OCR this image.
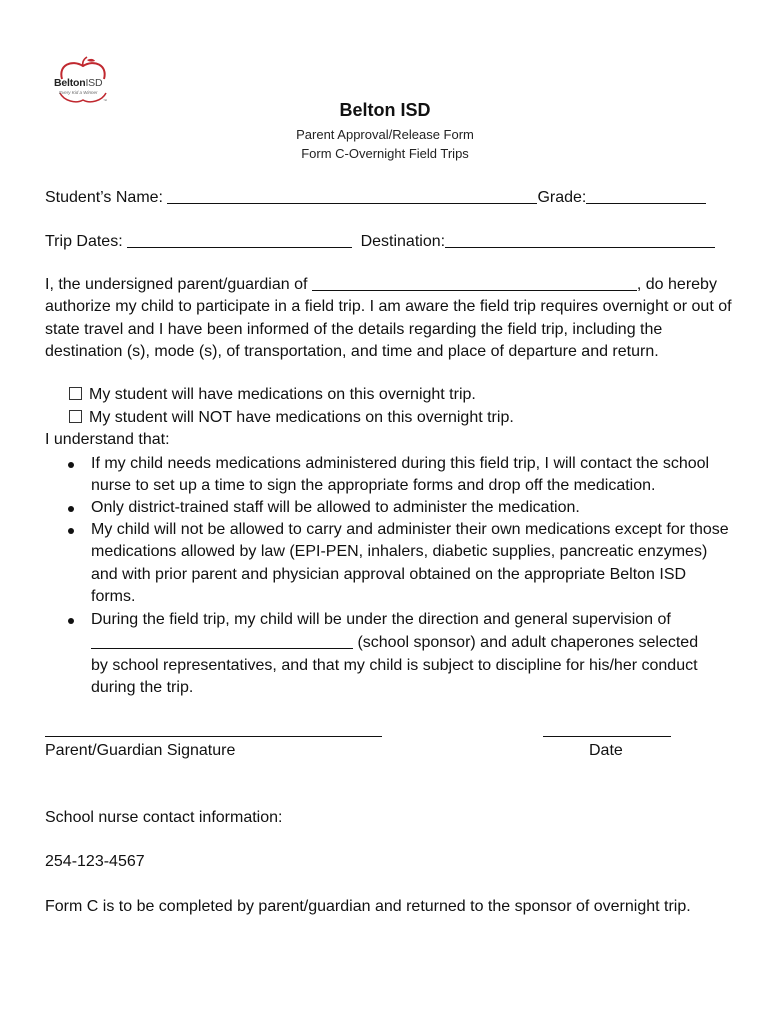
BeltonISD
Every Kid a Winner
™	Belton ISD
Parent Approval/Release Form
Form C-Overnight Field Trips
Student’s Name:	Grade:
Trip Dates:	Destination:
I, the undersigned parent/guardian of	, do hereby authorize my child to participate in a field trip. I am aware the field trip requires overnight or out of state travel and I have been informed of the details regarding the field trip, including the destination (s), mode (s), of transportation, and time and place of departure and return.
My student will have medications on this overnight trip.
My student will NOT have medications on this overnight trip.
I understand that:
If my child needs medications administered during this field trip, I will contact the school nurse to set up a time to sign the appropriate forms and drop off the medication.
Only district-trained staff will be allowed to administer the medication.
My child will not be allowed to carry and administer their own medications except for those medications allowed by law (EPI-PEN, inhalers, diabetic supplies, pancreatic enzymes) and with prior parent and physician approval obtained on the appropriate Belton ISD forms.
During the field trip, my child will be under the direction and general supervision of
(school sponsor) and adult chaperones selected
by school representatives, and that my child is subject to discipline for his/her conduct during the trip.
Parent/Guardian Signature	Date
School nurse contact information:
254-123-4567
Form C is to be completed by parent/guardian and returned to the sponsor of overnight trip.
